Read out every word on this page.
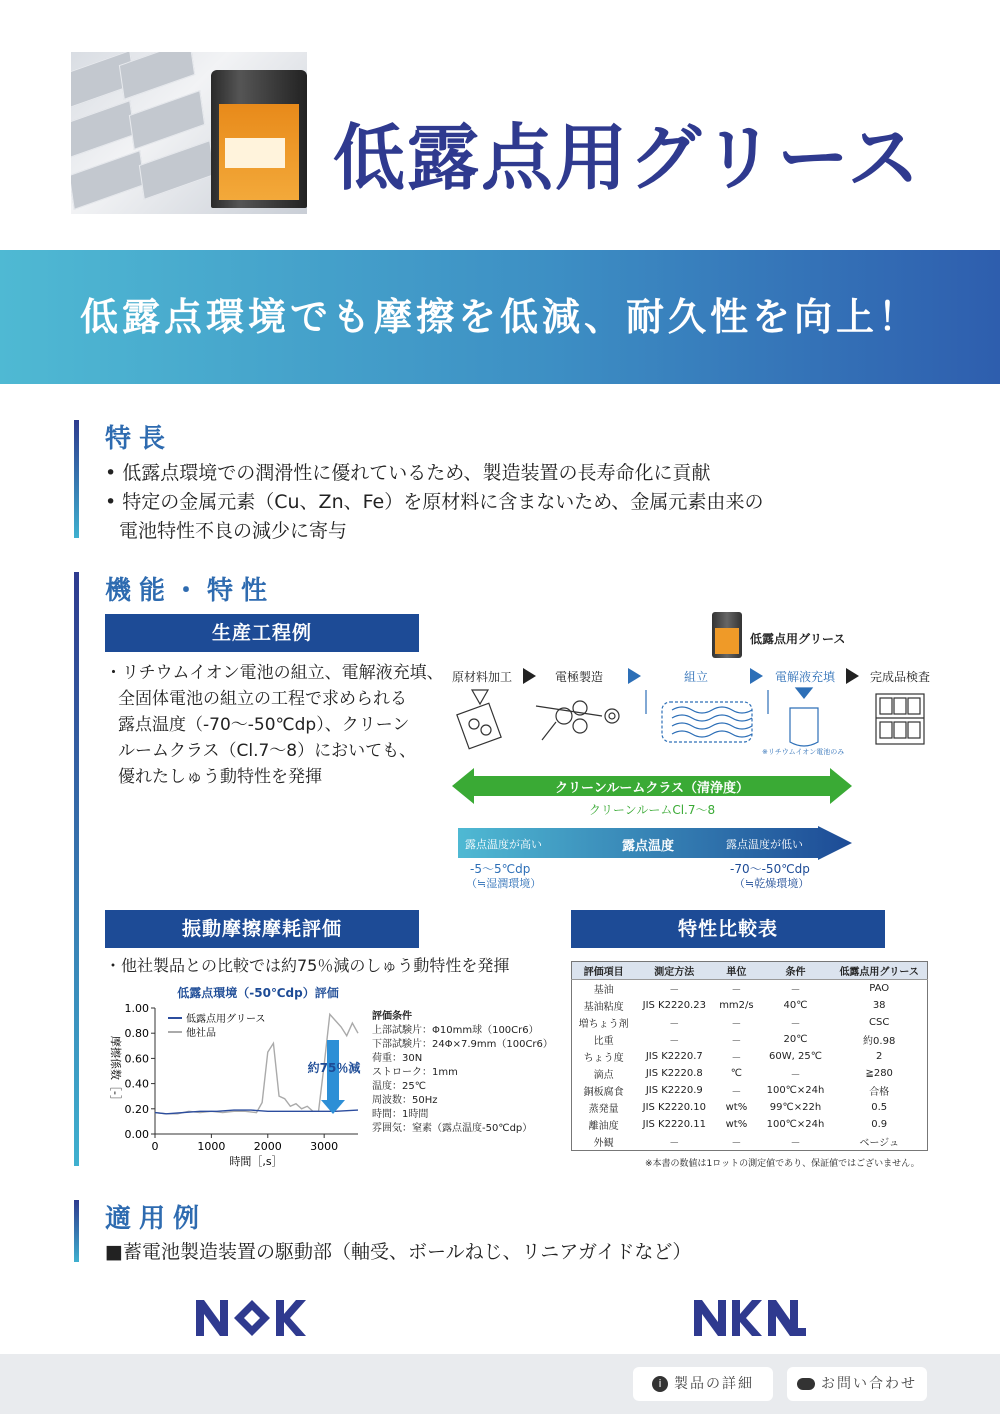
低露点用グリース
低露点環境でも摩擦を低減、耐久性を向上！
特長
• 低露点環境での潤滑性に優れているため、製造装置の長寿命化に貢献
• 特定の金属元素（Cu、Zn、Fe）を原材料に含まないため、金属元素由来の
電池特性不良の減少に寄与
機能・特性
生産工程例
・リチウムイオン電池の組立、電解液充填、
全固体電池の組立の工程で求められる
露点温度（-70〜-50℃dp）、クリーン
ルームクラス（Cl.7〜8）においても、
優れたしゅう動特性を発揮
低露点用グリース
原材料加工	電極製造	組立	電解液充填	完成品検査
※リチウムイオン電池のみ
クリーンルームクラス（清浄度）
クリーンルームCl.7〜8
露点温度が高い	露点温度	露点温度が低い
-5〜5℃dp
（≒湿潤環境）
-70〜-50℃dp
（≒乾燥環境）
振動摩擦摩耗評価
・他社製品との比較では約75％減のしゅう動特性を発揮
低露点環境（-50℃dp）評価
0.00
0.20
0.40
0.60
0.80
1.00
0	1000	2000	3000
低露点用グリース
他社品
時間［,s］
摩擦係数［-］	約75％減
評価条件
上部試験片：Φ10mm球（100Cr6）
下部試験片：24Φ×7.9mm（100Cr6）
荷重：30N
ストローク：1mm
温度：25℃
周波数：50Hz
時間：1時間
雰囲気：窒素（露点温度-50℃dp）
特性比較表
評価項目	測定方法	単位	条件	低露点用グリース
基油	－	－	－	PAO
基油粘度	JIS K2220.23	mm2/s	40℃	38
増ちょう剤	－	－	－	CSC
比重	－	－	20℃	約0.98
ちょう度	JIS K2220.7	－	60W, 25℃	2
滴点	JIS K2220.8	℃	－	≧280
銅板腐食	JIS K2220.9	－	100℃×24h	合格
蒸発量	JIS K2220.10	wt%	99℃×22h	0.5
離油度	JIS K2220.11	wt%	100℃×24h	0.9
外観	－	－	－	ベージュ
※本書の数値は1ロットの測定値であり、保証値ではございません。
適用例
■蓄電池製造装置の駆動部（軸受、ボールねじ、リニアガイドなど）
i 製品の詳細	お問い合わせ
